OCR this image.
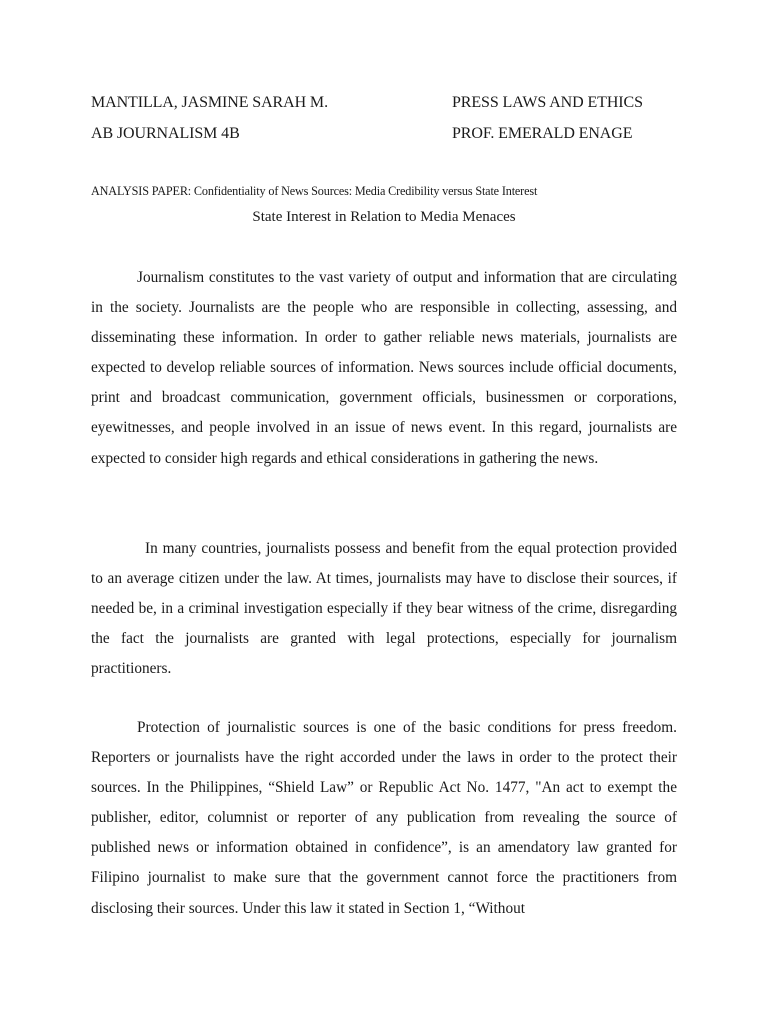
MANTILLA, JASMINE SARAH M.	PRESS LAWS AND ETHICS
AB JOURNALISM 4B	PROF. EMERALD ENAGE
ANALYSIS PAPER: Confidentiality of News Sources: Media Credibility versus State Interest
State Interest in Relation to Media Menaces

Journalism constitutes to the vast variety of output and information that are circulating in the society. Journalists are the people who are responsible in collecting, assessing, and disseminating these information. In order to gather reliable news materials, journalists are expected to develop reliable sources of information. News sources include official documents, print and broadcast communication, government officials, businessmen or corporations, eyewitnesses, and people involved in an issue of news event. In this regard, journalists are expected to consider high regards and ethical considerations in gathering the news.

In many countries, journalists possess and benefit from the equal protection provided to an average citizen under the law. At times, journalists may have to disclose their sources, if needed be, in a criminal investigation especially if they bear witness of the crime, disregarding the fact the journalists are granted with legal protections, especially for journalism practitioners.

Protection of journalistic sources is one of the basic conditions for press freedom. Reporters or journalists have the right accorded under the laws in order to the protect their sources. In the Philippines, “Shield Law” or Republic Act No. 1477, "An act to exempt the publisher, editor, columnist or reporter of any publication from revealing the source of published news or information obtained in confidence”, is an amendatory law granted for Filipino journalist to make sure that the government cannot force the practitioners from disclosing their sources. Under this law it stated in Section 1, “Without
